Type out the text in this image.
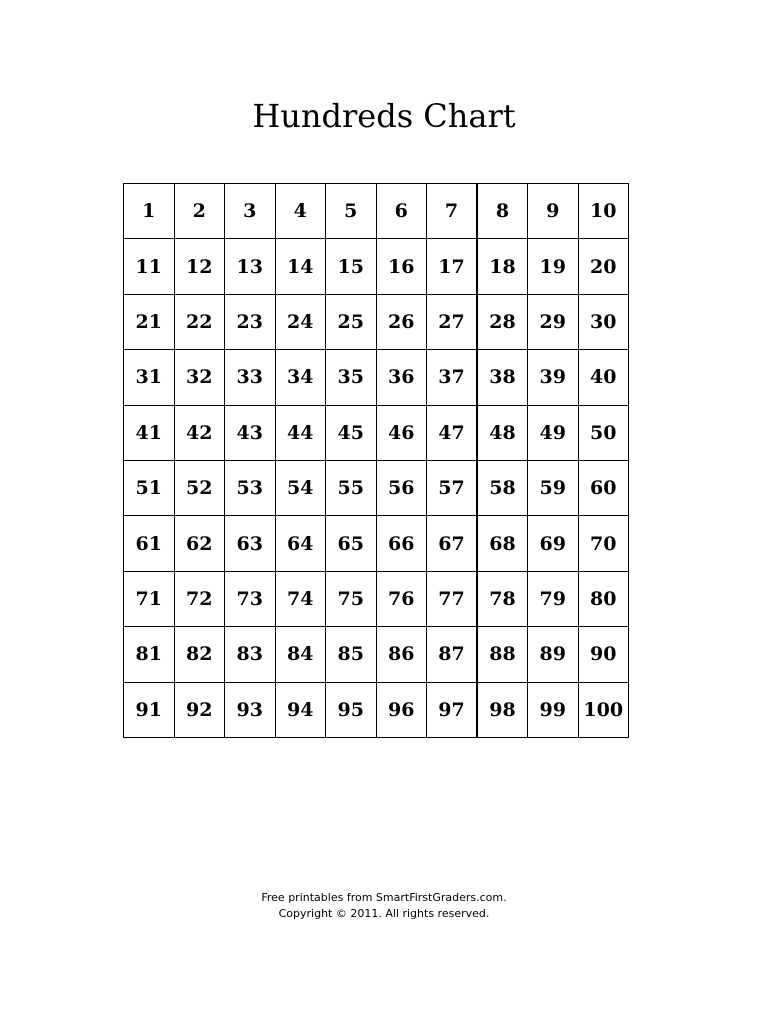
Hundreds Chart
1	2	3	4	5	6	7	8	9	10
11	12	13	14	15	16	17	18	19	20
21	22	23	24	25	26	27	28	29	30
31	32	33	34	35	36	37	38	39	40
41	42	43	44	45	46	47	48	49	50
51	52	53	54	55	56	57	58	59	60
61	62	63	64	65	66	67	68	69	70
71	72	73	74	75	76	77	78	79	80
81	82	83	84	85	86	87	88	89	90
91	92	93	94	95	96	97	98	99	100
Free printables from SmartFirstGraders.com.
Copyright © 2011. All rights reserved.
